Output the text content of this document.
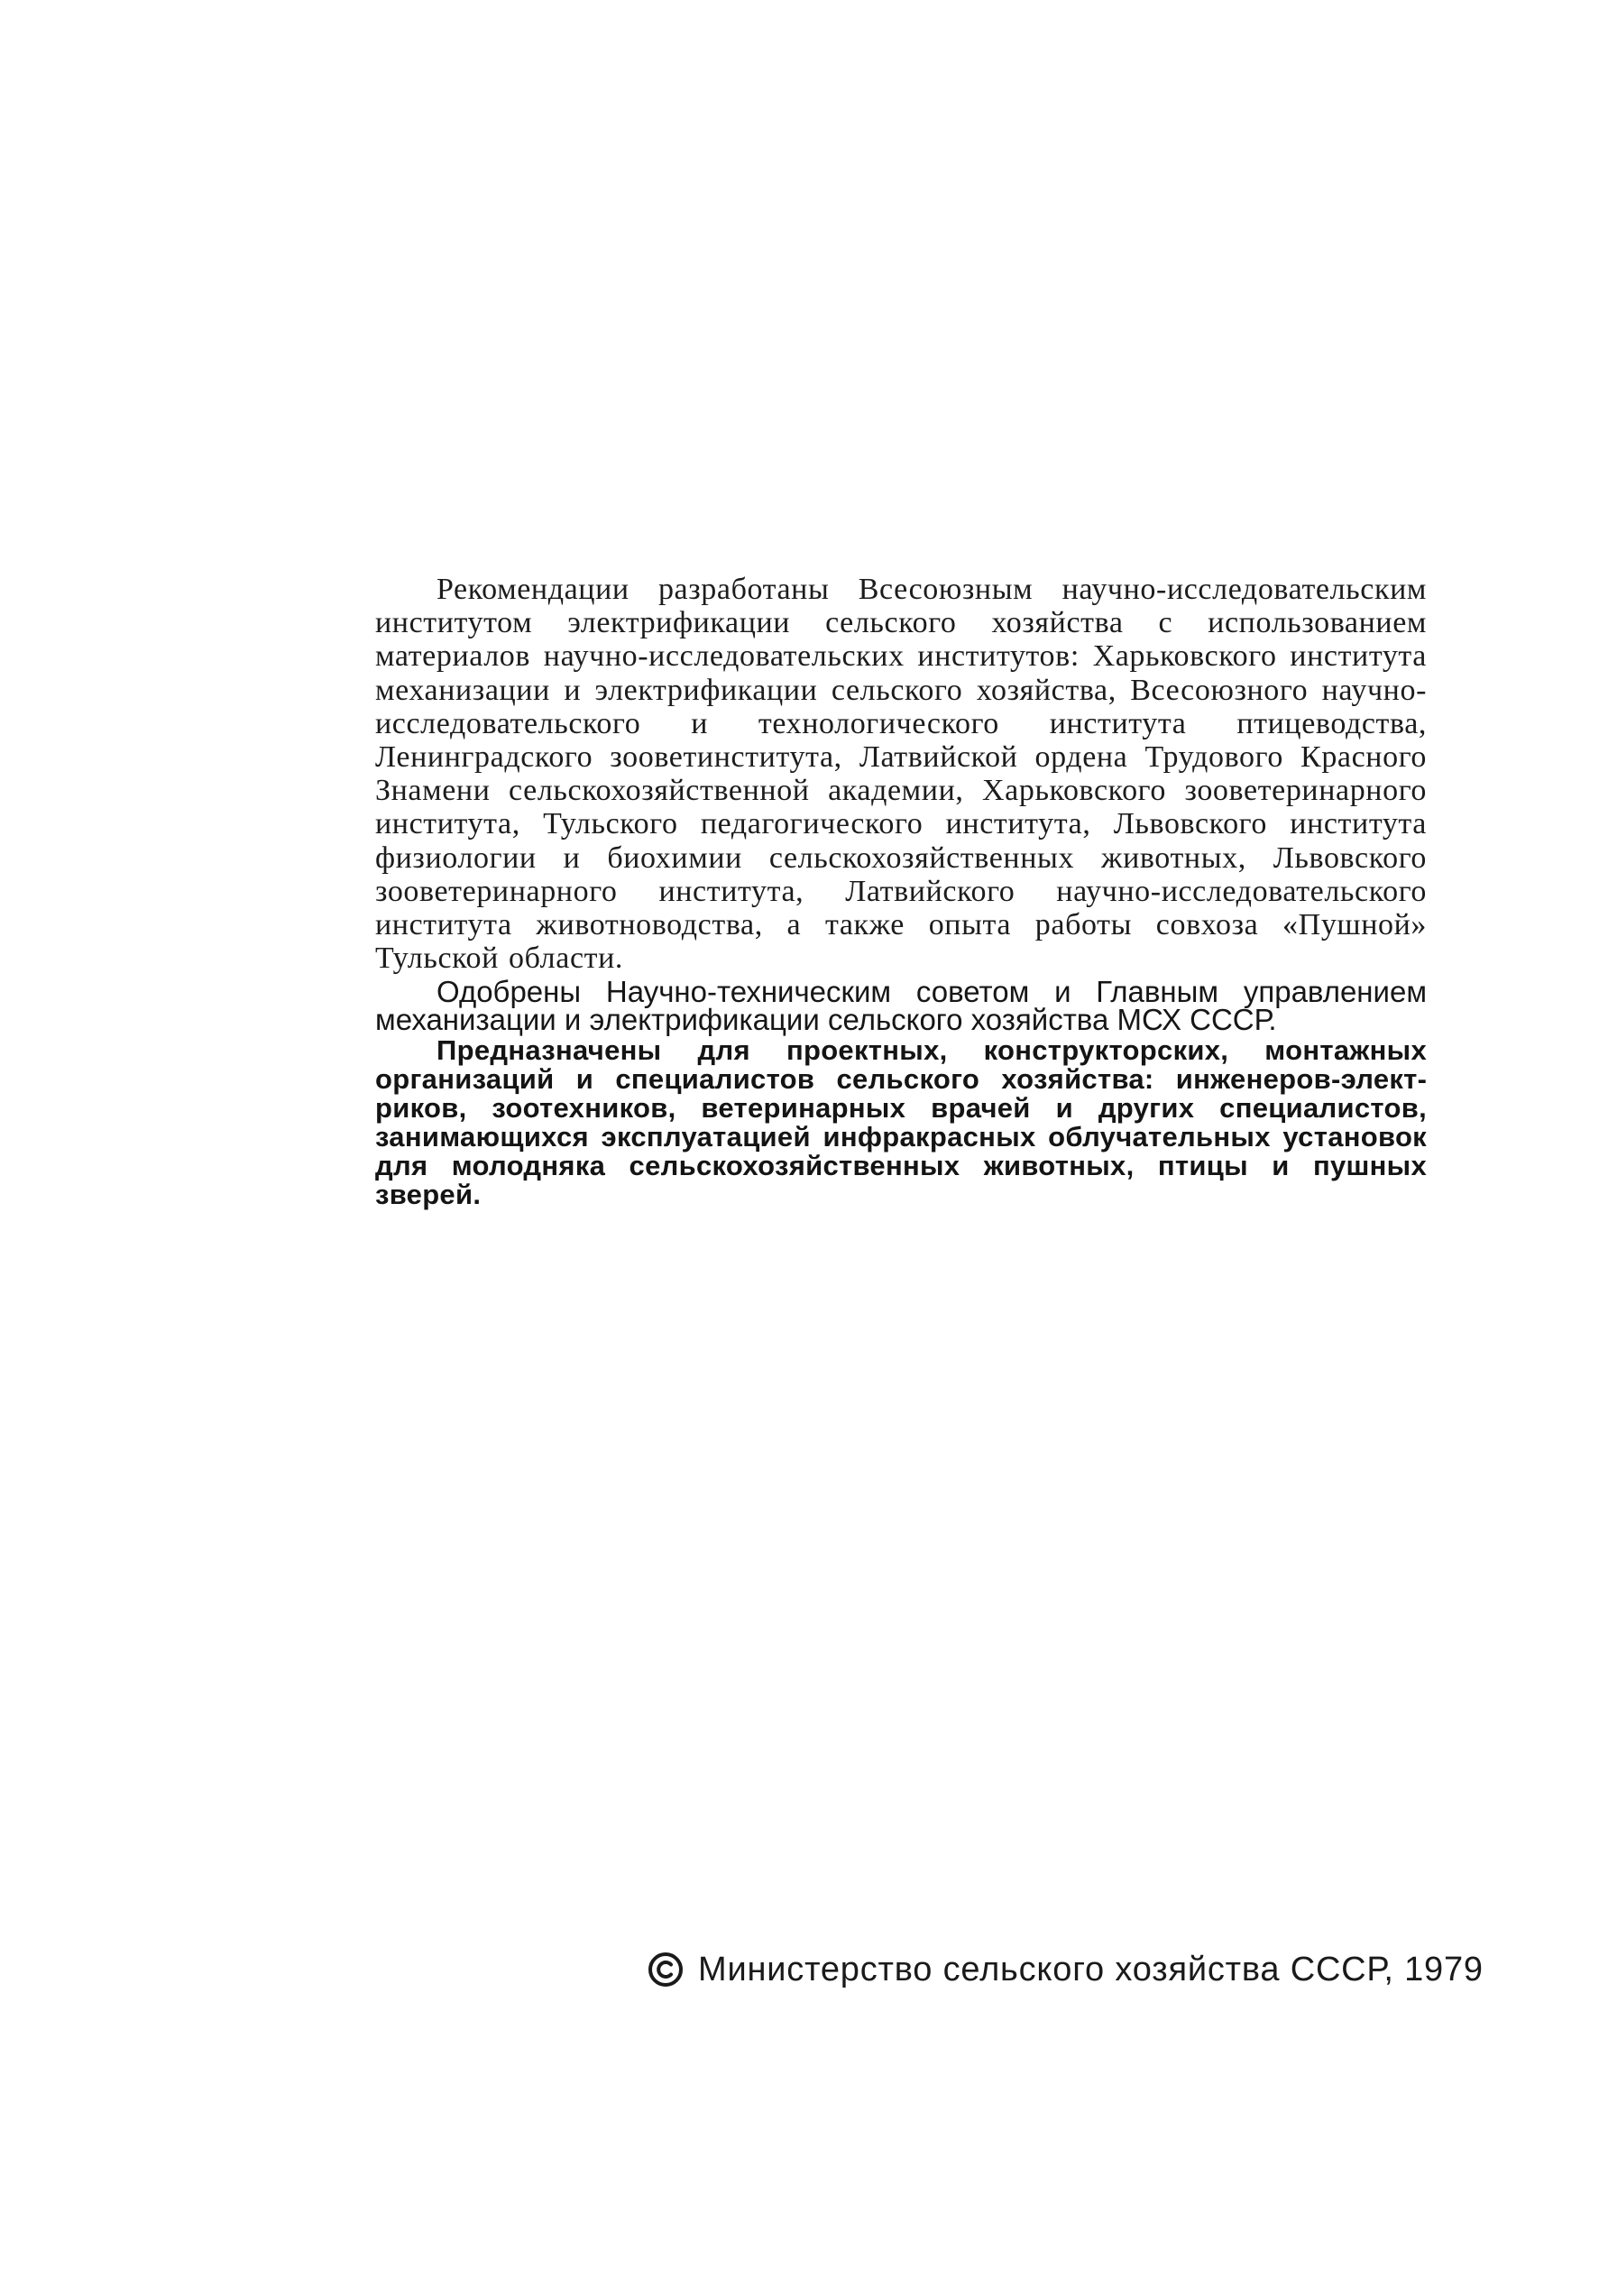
Рекомендации разработаны Всесоюзным научно-исследовательским институтом электрификации сельского хозяйства с использованием материалов научно-исследовательских институтов: Харьковского института механизации и электрификации сельского хозяйства, Всесоюзного научно-исследовательского и технологического института птицеводства, Ленинградского зооветинститута, Латвийской ордена Трудового Красного Знамени сельскохозяйственной академии, Харьковского зооветеринарного института, Тульского педагогического института, Львовского института физиологии и биохимии сельскохозяйственных животных, Львовского зооветеринарного института, Латвийского научно-исследовательского института животноводства, а также опыта работы совхоза «Пушной» Тульской области.

Одобрены Научно-техническим советом и Главным управлением механизации и электрификации сельского хозяйства МСХ СССР.

Предназначены для проектных, конструкторских, монтажных организаций и специалистов сельского хозяйства: инженеров-электриков, зоотехников, ветеринарных врачей и других специалистов, занимающихся эксплуатацией инфракрасных облучательных установок для молодняка сельскохозяйственных животных, птицы и пушных зверей.

Министерство сельского хозяйства СССР, 1979
